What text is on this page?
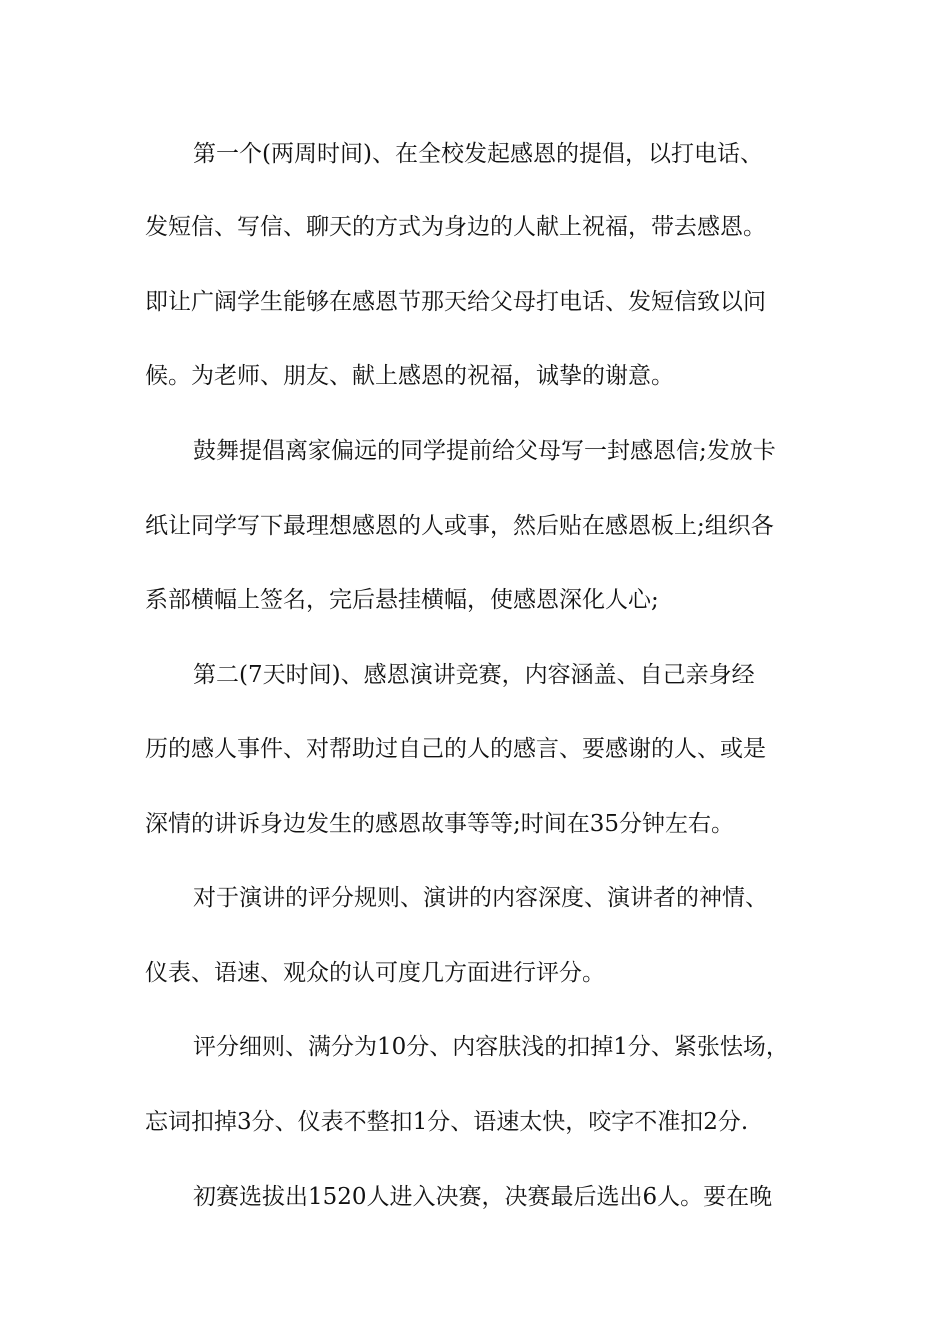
第一个(两周时间)、在全校发起感恩的提倡，以打电话、

发短信、写信、聊天的方式为身边的人献上祝福，带去感恩。

即让广阔学生能够在感恩节那天给父母打电话、发短信致以问

候。为老师、朋友、献上感恩的祝福，诚挚的谢意。

鼓舞提倡离家偏远的同学提前给父母写一封感恩信;发放卡

纸让同学写下最理想感恩的人或事，然后贴在感恩板上;组织各

系部横幅上签名，完后悬挂横幅，使感恩深化人心;

第二(7天时间)、感恩演讲竞赛，内容涵盖、自己亲身经

历的感人事件、对帮助过自己的人的感言、要感谢的人、或是

深情的讲诉身边发生的感恩故事等等;时间在35分钟左右。

对于演讲的评分规则、演讲的内容深度、演讲者的神情、

仪表、语速、观众的认可度几方面进行评分。

评分细则、满分为10分、内容肤浅的扣掉1分、紧张怯场，

忘词扣掉3分、仪表不整扣1分、语速太快，咬字不准扣2分.

初赛选拔出1520人进入决赛，决赛最后选出6人。要在晚
